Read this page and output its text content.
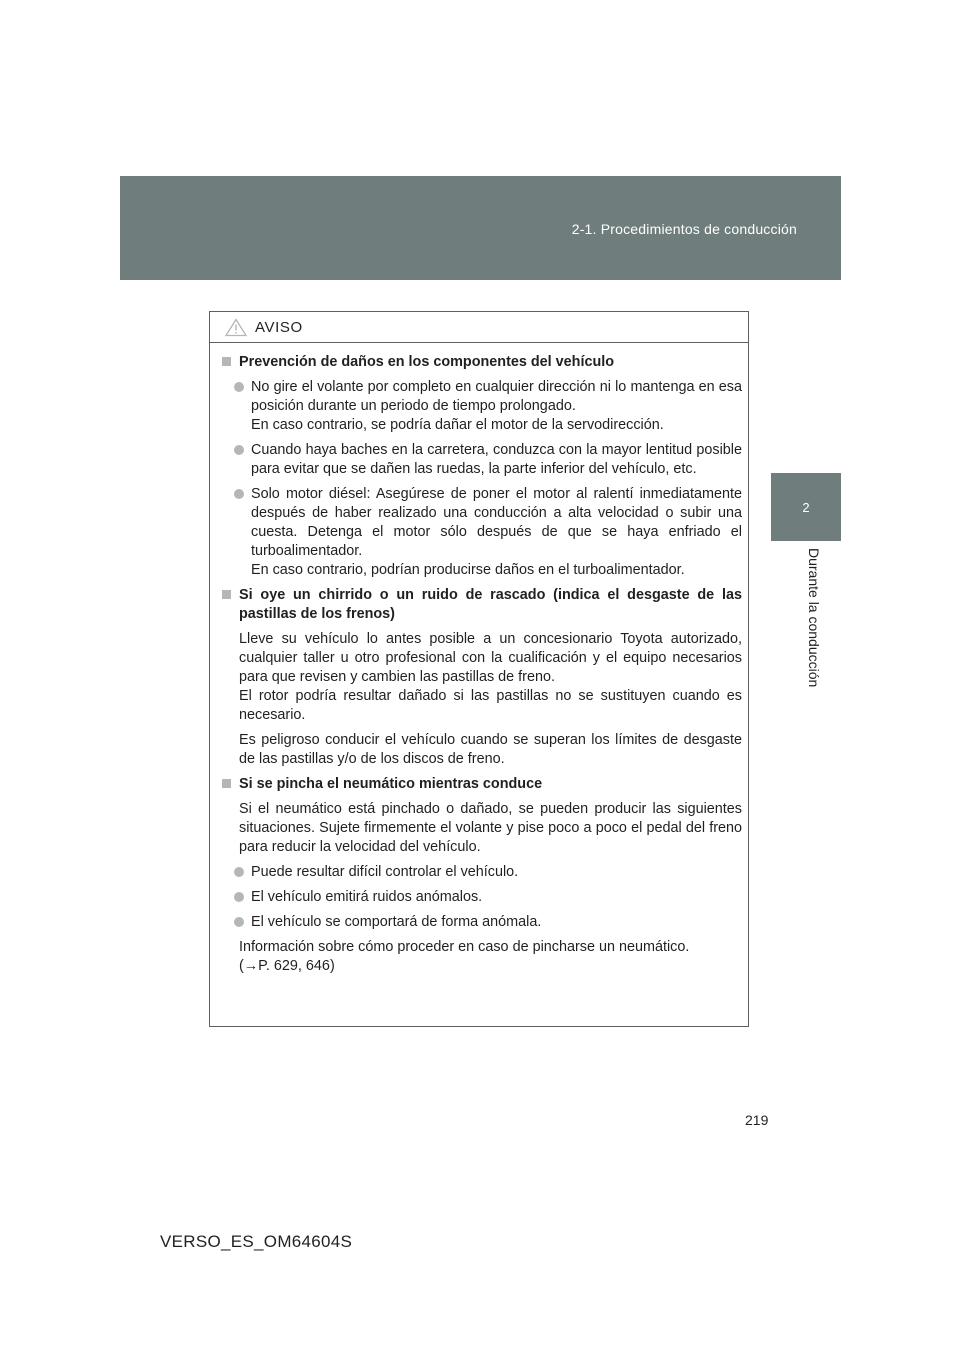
2-1. Procedimientos de conducción
2
Durante la conducción
AVISO
Prevención de daños en los componentes del vehículo
No gire el volante por completo en cualquier dirección ni lo mantenga en esa posición durante un periodo de tiempo prolongado.
En caso contrario, se podría dañar el motor de la servodirección.
Cuando haya baches en la carretera, conduzca con la mayor lentitud posible para evitar que se dañen las ruedas, la parte inferior del vehículo, etc.
Solo motor diésel: Asegúrese de poner el motor al ralentí inmediatamente después de haber realizado una conducción a alta velocidad o subir una cuesta. Detenga el motor sólo después de que se haya enfriado el turboalimentador.
En caso contrario, podrían producirse daños en el turboalimentador.
Si oye un chirrido o un ruido de rascado (indica el desgaste de las pastillas de los frenos)
Lleve su vehículo lo antes posible a un concesionario Toyota autorizado, cualquier taller u otro profesional con la cualificación y el equipo necesarios para que revisen y cambien las pastillas de freno.
El rotor podría resultar dañado si las pastillas no se sustituyen cuando es necesario.
Es peligroso conducir el vehículo cuando se superan los límites de desgaste de las pastillas y/o de los discos de freno.
Si se pincha el neumático mientras conduce
Si el neumático está pinchado o dañado, se pueden producir las siguientes situaciones. Sujete firmemente el volante y pise poco a poco el pedal del freno para reducir la velocidad del vehículo.
Puede resultar difícil controlar el vehículo.
El vehículo emitirá ruidos anómalos.
El vehículo se comportará de forma anómala.
Información sobre cómo proceder en caso de pincharse un neumático.
(→P. 629, 646)
219
VERSO_ES_OM64604S
